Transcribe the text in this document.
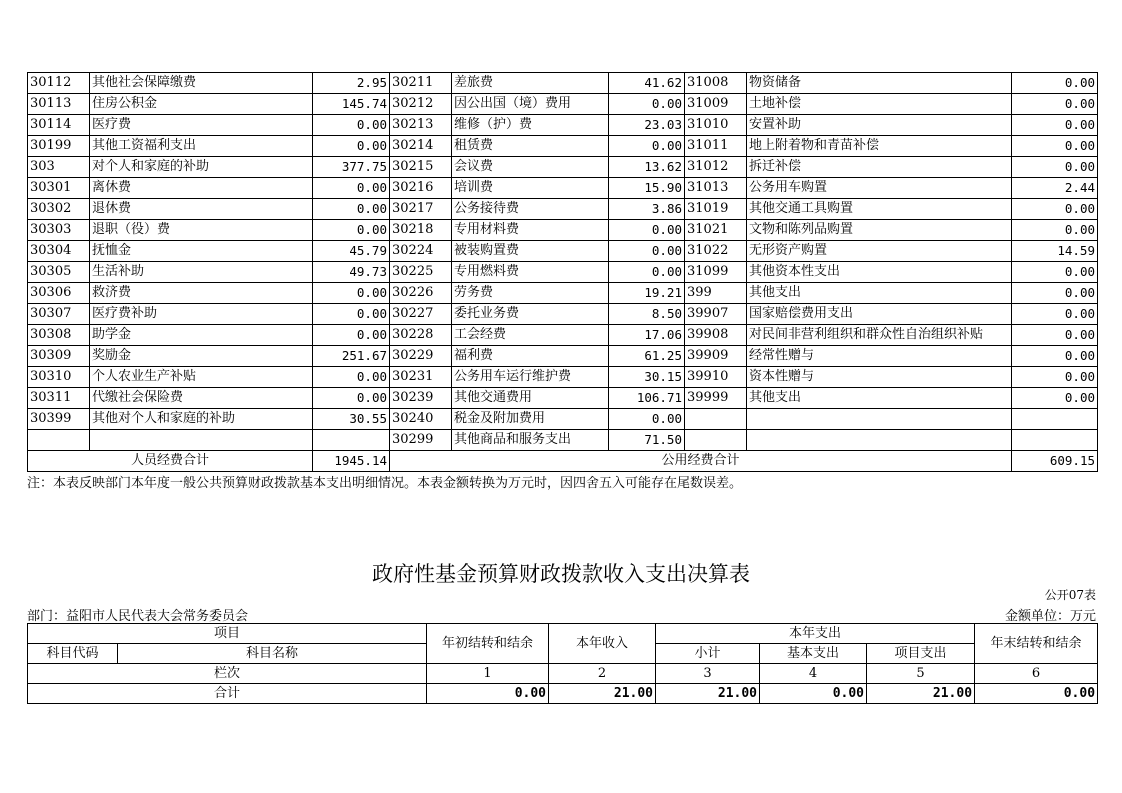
30112	其他社会保障缴费	2.95	30211	差旅费	41.62	31008	物资储备	0.00
30113	住房公积金	145.74	30212	因公出国（境）费用	0.00	31009	土地补偿	0.00
30114	医疗费	0.00	30213	维修（护）费	23.03	31010	安置补助	0.00
30199	其他工资福利支出	0.00	30214	租赁费	0.00	31011	地上附着物和青苗补偿	0.00
303	对个人和家庭的补助	377.75	30215	会议费	13.62	31012	拆迁补偿	0.00
30301	离休费	0.00	30216	培训费	15.90	31013	公务用车购置	2.44
30302	退休费	0.00	30217	公务接待费	3.86	31019	其他交通工具购置	0.00
30303	退职（役）费	0.00	30218	专用材料费	0.00	31021	文物和陈列品购置	0.00
30304	抚恤金	45.79	30224	被装购置费	0.00	31022	无形资产购置	14.59
30305	生活补助	49.73	30225	专用燃料费	0.00	31099	其他资本性支出	0.00
30306	救济费	0.00	30226	劳务费	19.21	399	其他支出	0.00
30307	医疗费补助	0.00	30227	委托业务费	8.50	39907	国家赔偿费用支出	0.00
30308	助学金	0.00	30228	工会经费	17.06	39908	对民间非营利组织和群众性自治组织补贴	0.00
30309	奖励金	251.67	30229	福利费	61.25	39909	经常性赠与	0.00
30310	个人农业生产补贴	0.00	30231	公务用车运行维护费	30.15	39910	资本性赠与	0.00
30311	代缴社会保险费	0.00	30239	其他交通费用	106.71	39999	其他支出	0.00
30399	其他对个人和家庭的补助	30.55	30240	税金及附加费用	0.00			
			30299	其他商品和服务支出	71.50			
人员经费合计		1945.14	公用经费合计					609.15
注：本表反映部门本年度一般公共预算财政拨款基本支出明细情况。本表金额转换为万元时，因四舍五入可能存在尾数误差。
政府性基金预算财政拨款收入支出决算表
公开07表
部门：益阳市人民代表大会常务委员会	金额单位：万元
项目		年初结转和结余	本年收入	本年支出			年末结转和结余
科目代码	科目名称			小计	基本支出	项目支出	
栏次		1	2	3	4	5	6
合计		0.00	21.00	21.00	0.00	21.00	0.00
